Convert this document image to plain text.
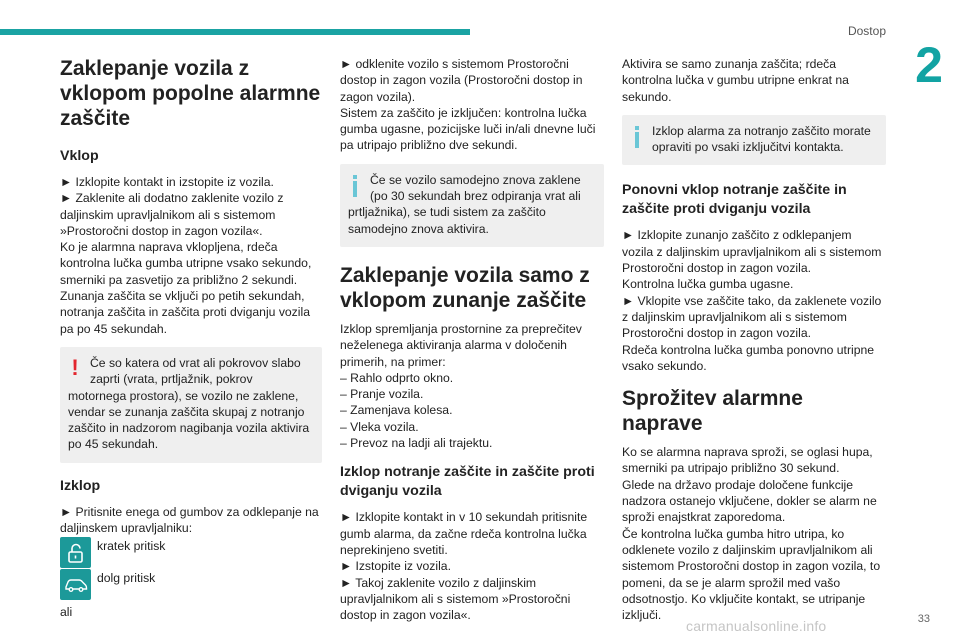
Dostop
2
Zaklepanje vozila z vklopom popolne alarmne zaščite
Vklop

► Izklopite kontakt in izstopite iz vozila.

► Zaklenite ali dodatno zaklenite vozilo z daljinskim upravljalnikom ali s sistemom »Prostoročni dostop in zagon vozila«.

Ko je alarmna naprava vklopljena, rdeča kontrolna lučka gumba utripne vsako sekundo, smerniki pa zasvetijo za približno 2 sekundi.

Zunanja zaščita se vključi po petih sekundah, notranja zaščita in zaščita proti dviganju vozila pa po 45 sekundah.

! Če so katera od vrat ali pokrovov slabo zaprti (vrata, prtljažnik, pokrov motornega prostora), se vozilo ne zaklene, vendar se zunanja zaščita skupaj z notranjo zaščito in nadzorom nagibanja vozila aktivira po 45 sekundah.
Izklop

► Pritisnite enega od gumbov za odklepanje na daljinskem upravljalniku:

kratek pritisk
dolg pritisk

ali

► odklenite vozilo s sistemom Prostoročni dostop in zagon vozila (Prostoročni dostop in zagon vozila).

Sistem za zaščito je izključen: kontrolna lučka gumba ugasne, pozicijske luči in/ali dnevne luči pa utripajo približno dve sekundi.

Če se vozilo samodejno znova zaklene (po 30 sekundah brez odpiranja vrat ali prtljažnika), se tudi sistem za zaščito samodejno znova aktivira.
Zaklepanje vozila samo z vklopom zunanje zaščite

Izklop spremljanja prostornine za preprečitev neželenega aktiviranja alarma v določenih primerih, na primer:

– Rahlo odprto okno.

– Pranje vozila.

– Zamenjava kolesa.

– Vleka vozila.

– Prevoz na ladji ali trajektu.

Izklop notranje zaščite in zaščite proti dviganju vozila

► Izklopite kontakt in v 10 sekundah pritisnite gumb alarma, da začne rdeča kontrolna lučka neprekinjeno svetiti.

► Izstopite iz vozila.

► Takoj zaklenite vozilo z daljinskim upravljalnikom ali s sistemom »Prostoročni dostop in zagon vozila«.

Aktivira se samo zunanja zaščita; rdeča kontrolna lučka v gumbu utripne enkrat na sekundo.

Izklop alarma za notranjo zaščito morate opraviti po vsaki izključitvi kontakta.
Ponovni vklop notranje zaščite in zaščite proti dviganju vozila

► Izklopite zunanjo zaščito z odklepanjem vozila z daljinskim upravljalnikom ali s sistemom Prostoročni dostop in zagon vozila.

Kontrolna lučka gumba ugasne.

► Vklopite vse zaščite tako, da zaklenete vozilo z daljinskim upravljalnikom ali s sistemom Prostoročni dostop in zagon vozila.

Rdeča kontrolna lučka gumba ponovno utripne vsako sekundo.

Sprožitev alarmne naprave

Ko se alarmna naprava sproži, se oglasi hupa, smerniki pa utripajo približno 30 sekund.

Glede na državo prodaje določene funkcije nadzora ostanejo vključene, dokler se alarm ne sproži enajstkrat zaporedoma.

Če kontrolna lučka gumba hitro utripa, ko odklenete vozilo z daljinskim upravljalnikom ali sistemom Prostoročni dostop in zagon vozila, to pomeni, da se je alarm sprožil med vašo odsotnostjo. Ko vključite kontakt, se utripanje izključi.

carmanualsonline.info	33
